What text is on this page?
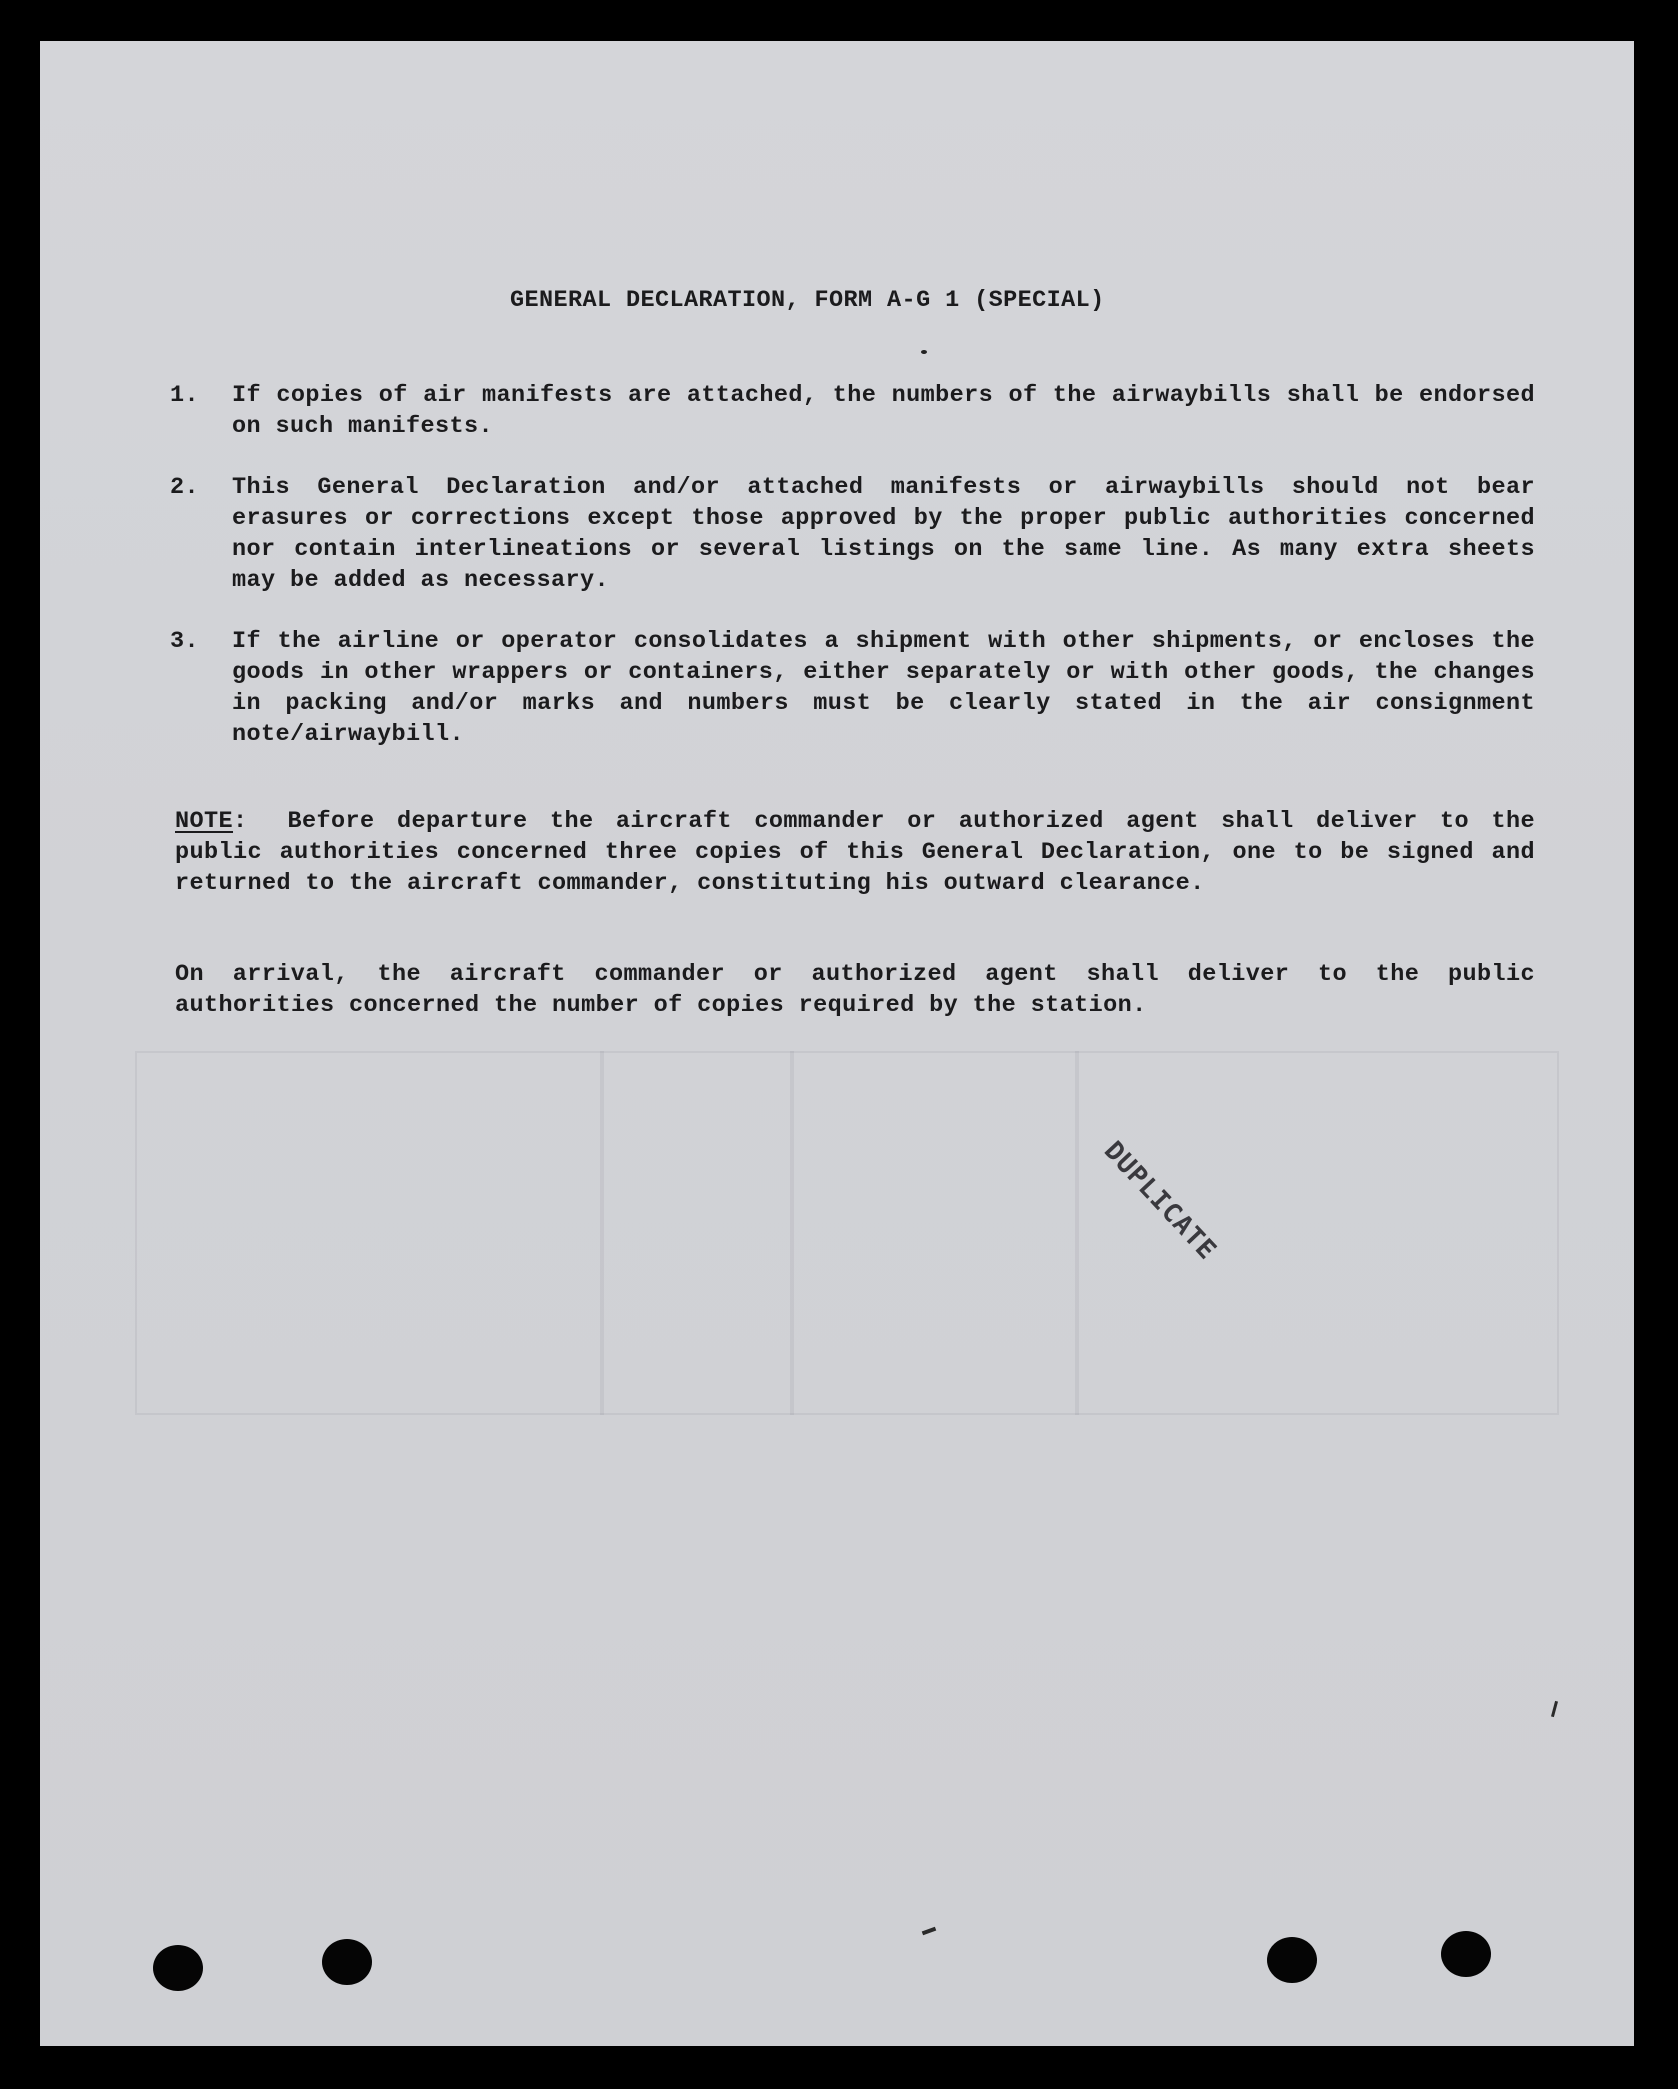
GENERAL DECLARATION, FORM A-G 1 (SPECIAL)
1.	If copies of air manifests are attached, the numbers of the airwaybills shall be endorsed on such manifests.
2.	This General Declaration and/or attached manifests or airwaybills should not bear erasures or corrections except those approved by the proper public authorities concerned nor contain interlineations or several listings on the same line. As many extra sheets may be added as necessary.
3.	If the airline or operator consolidates a shipment with other shipments, or encloses the goods in other wrappers or containers, either separately or with other goods, the changes in packing and/or marks and numbers must be clearly stated in the air consignment note/airwaybill.
NOTE: Before departure the aircraft commander or authorized agent shall deliver to the public authorities concerned three copies of this General Declaration, one to be signed and returned to the aircraft commander, constituting his outward clearance.
On arrival, the aircraft commander or authorized agent shall deliver to the public authorities concerned the number of copies required by the station.
DUPLICATE
